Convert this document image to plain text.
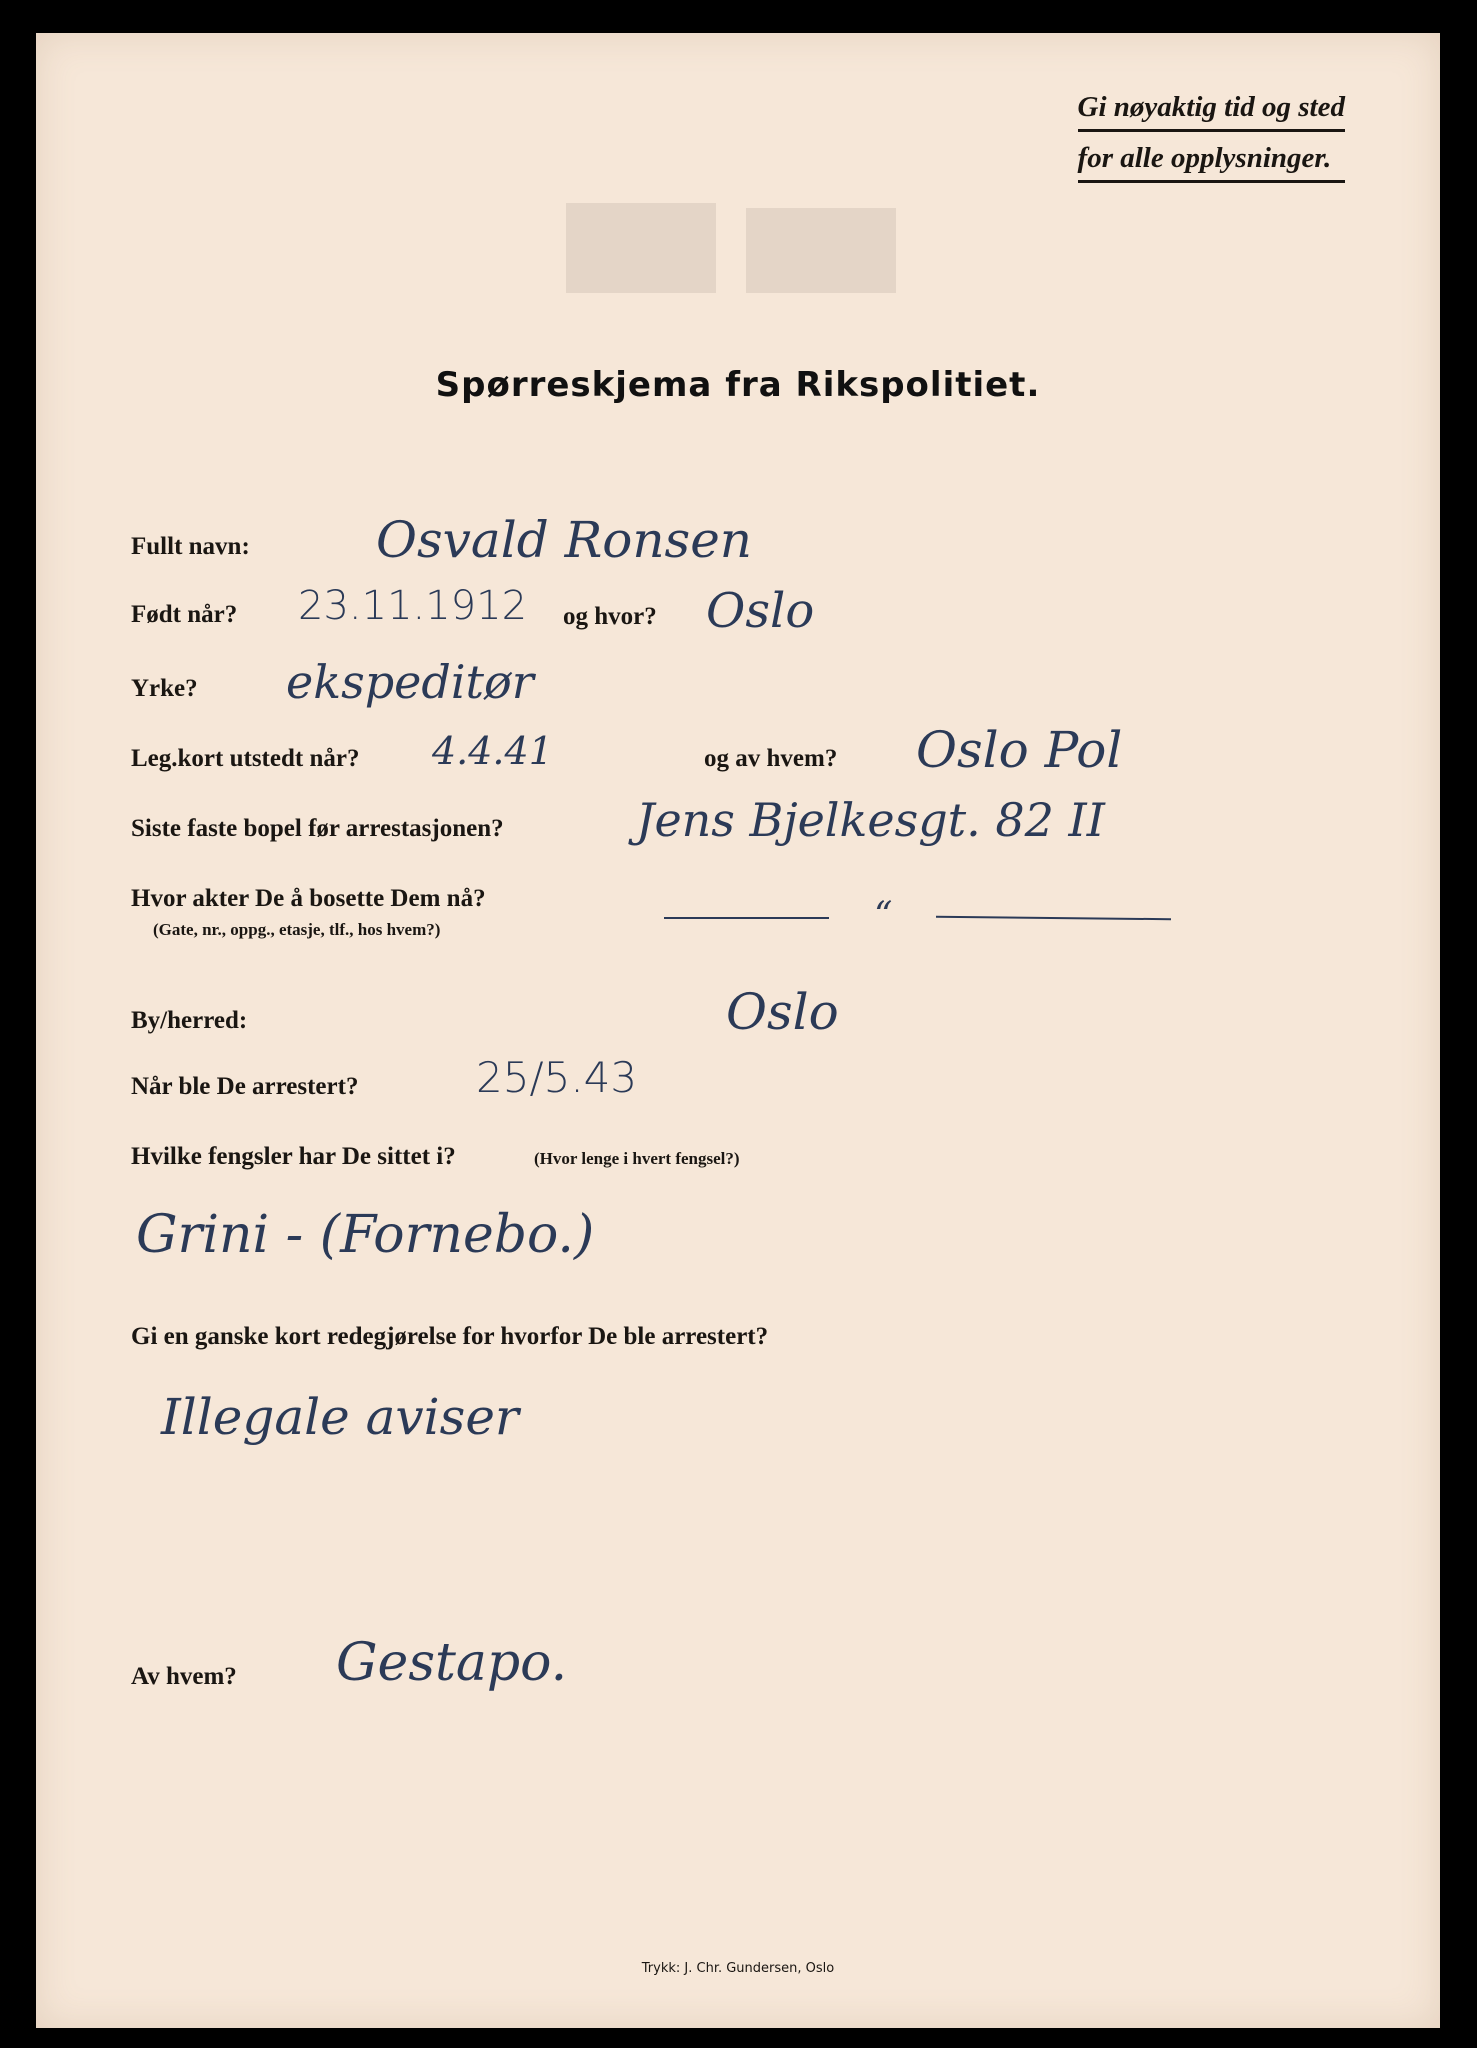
Gi nøyaktig tid og sted
for alle opplysninger.
Spørreskjema fra Rikspolitiet.
Fullt navn:	Osvald Ronsen
Født når? 23.11.1912 og hvor? Oslo
Yrke? ekspeditør
Leg.kort utstedt når? 4.4.41	og av hvem? Oslo Pol
Siste faste bopel før arrestasjonen?	Jens Bjelkesgt. 82 II
Hvor akter De å bosette Dem nå?
(Gate, nr., oppg., etasje, tlf., hos hvem?)	“
By/herred:	Oslo
Når ble De arrestert?	25/5.43
Hvilke fengsler har De sittet i?	(Hvor lenge i hvert fengsel?)
Grini - (Fornebo.)
Gi en ganske kort redegjørelse for hvorfor De ble arrestert?
Illegale aviser
Av hvem? Gestapo.
Trykk: J. Chr. Gundersen, Oslo
